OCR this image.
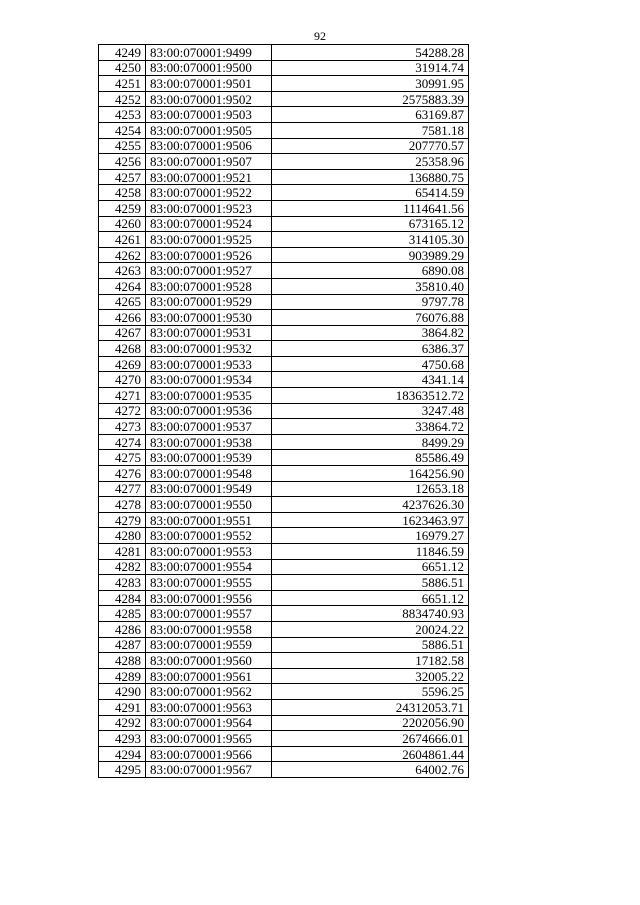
92
4249	83:00:070001:9499	54288.28
4250	83:00:070001:9500	31914.74
4251	83:00:070001:9501	30991.95
4252	83:00:070001:9502	2575883.39
4253	83:00:070001:9503	63169.87
4254	83:00:070001:9505	7581.18
4255	83:00:070001:9506	207770.57
4256	83:00:070001:9507	25358.96
4257	83:00:070001:9521	136880.75
4258	83:00:070001:9522	65414.59
4259	83:00:070001:9523	1114641.56
4260	83:00:070001:9524	673165.12
4261	83:00:070001:9525	314105.30
4262	83:00:070001:9526	903989.29
4263	83:00:070001:9527	6890.08
4264	83:00:070001:9528	35810.40
4265	83:00:070001:9529	9797.78
4266	83:00:070001:9530	76076.88
4267	83:00:070001:9531	3864.82
4268	83:00:070001:9532	6386.37
4269	83:00:070001:9533	4750.68
4270	83:00:070001:9534	4341.14
4271	83:00:070001:9535	18363512.72
4272	83:00:070001:9536	3247.48
4273	83:00:070001:9537	33864.72
4274	83:00:070001:9538	8499.29
4275	83:00:070001:9539	85586.49
4276	83:00:070001:9548	164256.90
4277	83:00:070001:9549	12653.18
4278	83:00:070001:9550	4237626.30
4279	83:00:070001:9551	1623463.97
4280	83:00:070001:9552	16979.27
4281	83:00:070001:9553	11846.59
4282	83:00:070001:9554	6651.12
4283	83:00:070001:9555	5886.51
4284	83:00:070001:9556	6651.12
4285	83:00:070001:9557	8834740.93
4286	83:00:070001:9558	20024.22
4287	83:00:070001:9559	5886.51
4288	83:00:070001:9560	17182.58
4289	83:00:070001:9561	32005.22
4290	83:00:070001:9562	5596.25
4291	83:00:070001:9563	24312053.71
4292	83:00:070001:9564	2202056.90
4293	83:00:070001:9565	2674666.01
4294	83:00:070001:9566	2604861.44
4295	83:00:070001:9567	64002.76
